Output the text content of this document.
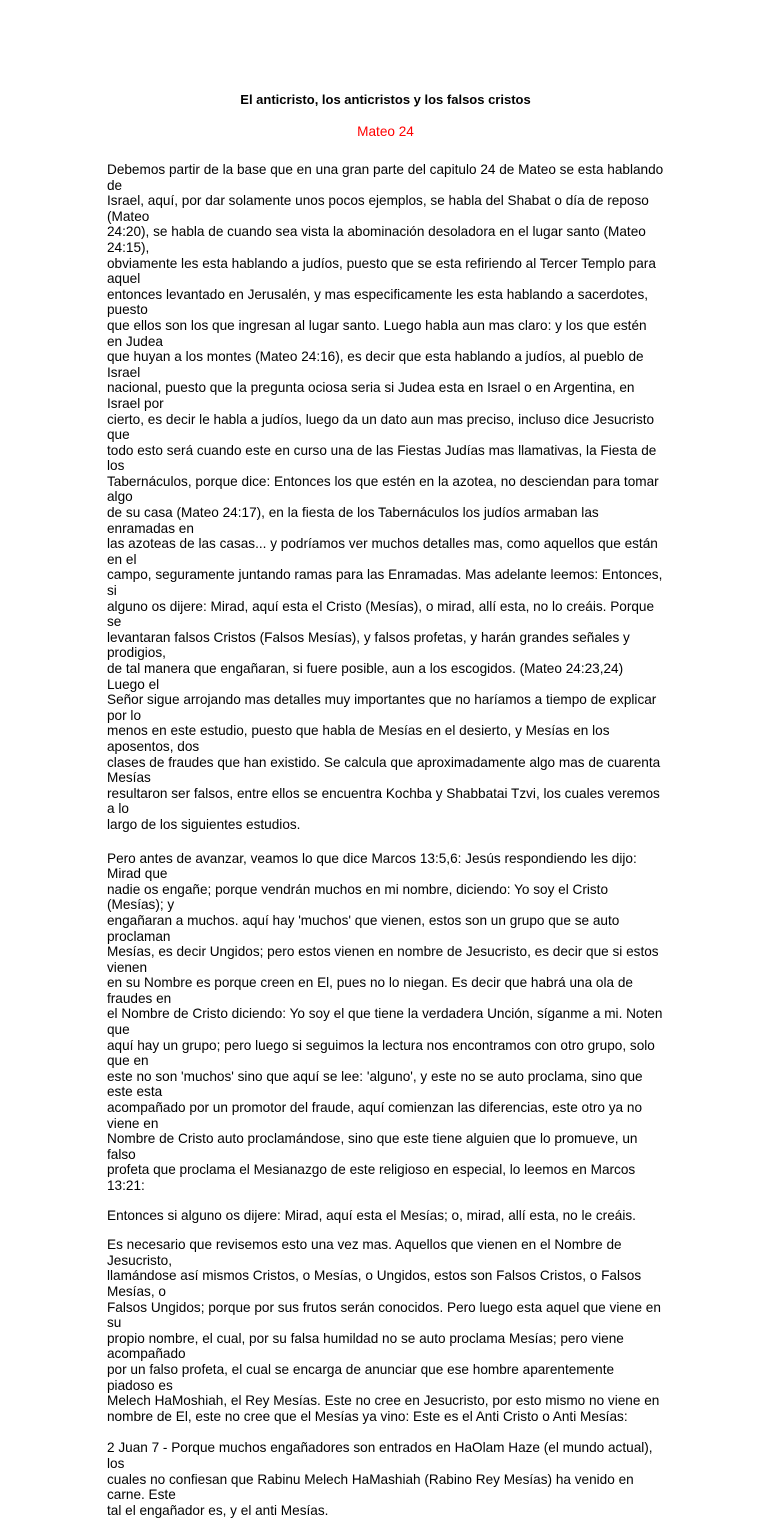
El anticristo, los anticristos y los falsos cristos
Mateo 24

Debemos partir de la base que en una gran parte del capitulo 24 de Mateo se esta hablando de
Israel, aquí, por dar solamente unos pocos ejemplos, se habla del Shabat o día de reposo (Mateo
24:20), se habla de cuando sea vista la abominación desoladora en el lugar santo (Mateo 24:15),
obviamente les esta hablando a judíos, puesto que se esta refiriendo al Tercer Templo para aquel
entonces levantado en Jerusalén, y mas especificamente les esta hablando a sacerdotes, puesto
que ellos son los que ingresan al lugar santo. Luego habla aun mas claro: y los que estén en Judea
que huyan a los montes (Mateo 24:16), es decir que esta hablando a judíos, al pueblo de Israel
nacional, puesto que la pregunta ociosa seria si Judea esta en Israel o en Argentina, en Israel por
cierto, es decir le habla a judíos, luego da un dato aun mas preciso, incluso dice Jesucristo que
todo esto será cuando este en curso una de las Fiestas Judías mas llamativas, la Fiesta de los
Tabernáculos, porque dice: Entonces los que estén en la azotea, no desciendan para tomar algo
de su casa (Mateo 24:17), en la fiesta de los Tabernáculos los judíos armaban las enramadas en
las azoteas de las casas... y podríamos ver muchos detalles mas, como aquellos que están en el
campo, seguramente juntando ramas para las Enramadas. Mas adelante leemos: Entonces, si
alguno os dijere: Mirad, aquí esta el Cristo (Mesías), o mirad, allí esta, no lo creáis. Porque se
levantaran falsos Cristos (Falsos Mesías), y falsos profetas, y harán grandes señales y prodigios,
de tal manera que engañaran, si fuere posible, aun a los escogidos. (Mateo 24:23,24) Luego el
Señor sigue arrojando mas detalles muy importantes que no haríamos a tiempo de explicar por lo
menos en este estudio, puesto que habla de Mesías en el desierto, y Mesías en los aposentos, dos
clases de fraudes que han existido. Se calcula que aproximadamente algo mas de cuarenta Mesías
resultaron ser falsos, entre ellos se encuentra Kochba y Shabbatai Tzvi, los cuales veremos a lo
largo de los siguientes estudios.

Pero antes de avanzar, veamos lo que dice Marcos 13:5,6: Jesús respondiendo les dijo: Mirad que
nadie os engañe; porque vendrán muchos en mi nombre, diciendo: Yo soy el Cristo (Mesías); y
engañaran a muchos. aquí hay 'muchos' que vienen, estos son un grupo que se auto proclaman
Mesías, es decir Ungidos; pero estos vienen en nombre de Jesucristo, es decir que si estos vienen
en su Nombre es porque creen en El, pues no lo niegan. Es decir que habrá una ola de fraudes en
el Nombre de Cristo diciendo: Yo soy el que tiene la verdadera Unción, síganme a mi. Noten que
aquí hay un grupo; pero luego si seguimos la lectura nos encontramos con otro grupo, solo que en
este no son 'muchos' sino que aquí se lee: 'alguno', y este no se auto proclama, sino que este esta
acompañado por un promotor del fraude, aquí comienzan las diferencias, este otro ya no viene en
Nombre de Cristo auto proclamándose, sino que este tiene alguien que lo promueve, un falso
profeta que proclama el Mesianazgo de este religioso en especial, lo leemos en Marcos 13:21:

Entonces si alguno os dijere: Mirad, aquí esta el Mesías; o, mirad, allí esta, no le creáis.

Es necesario que revisemos esto una vez mas. Aquellos que vienen en el Nombre de Jesucristo,
llamándose así mismos Cristos, o Mesías, o Ungidos, estos son Falsos Cristos, o Falsos Mesías, o
Falsos Ungidos; porque por sus frutos serán conocidos. Pero luego esta aquel que viene en su
propio nombre, el cual, por su falsa humildad no se auto proclama Mesías; pero viene acompañado
por un falso profeta, el cual se encarga de anunciar que ese hombre aparentemente piadoso es
Melech HaMoshiah, el Rey Mesías. Este no cree en Jesucristo, por esto mismo no viene en
nombre de El, este no cree que el Mesías ya vino: Este es el Anti Cristo o Anti Mesías:

2 Juan 7 - Porque muchos engañadores son entrados en HaOlam Haze (el mundo actual), los
cuales no confiesan que Rabinu Melech HaMashiah (Rabino Rey Mesías) ha venido en carne. Este
tal el engañador es, y el anti Mesías.
